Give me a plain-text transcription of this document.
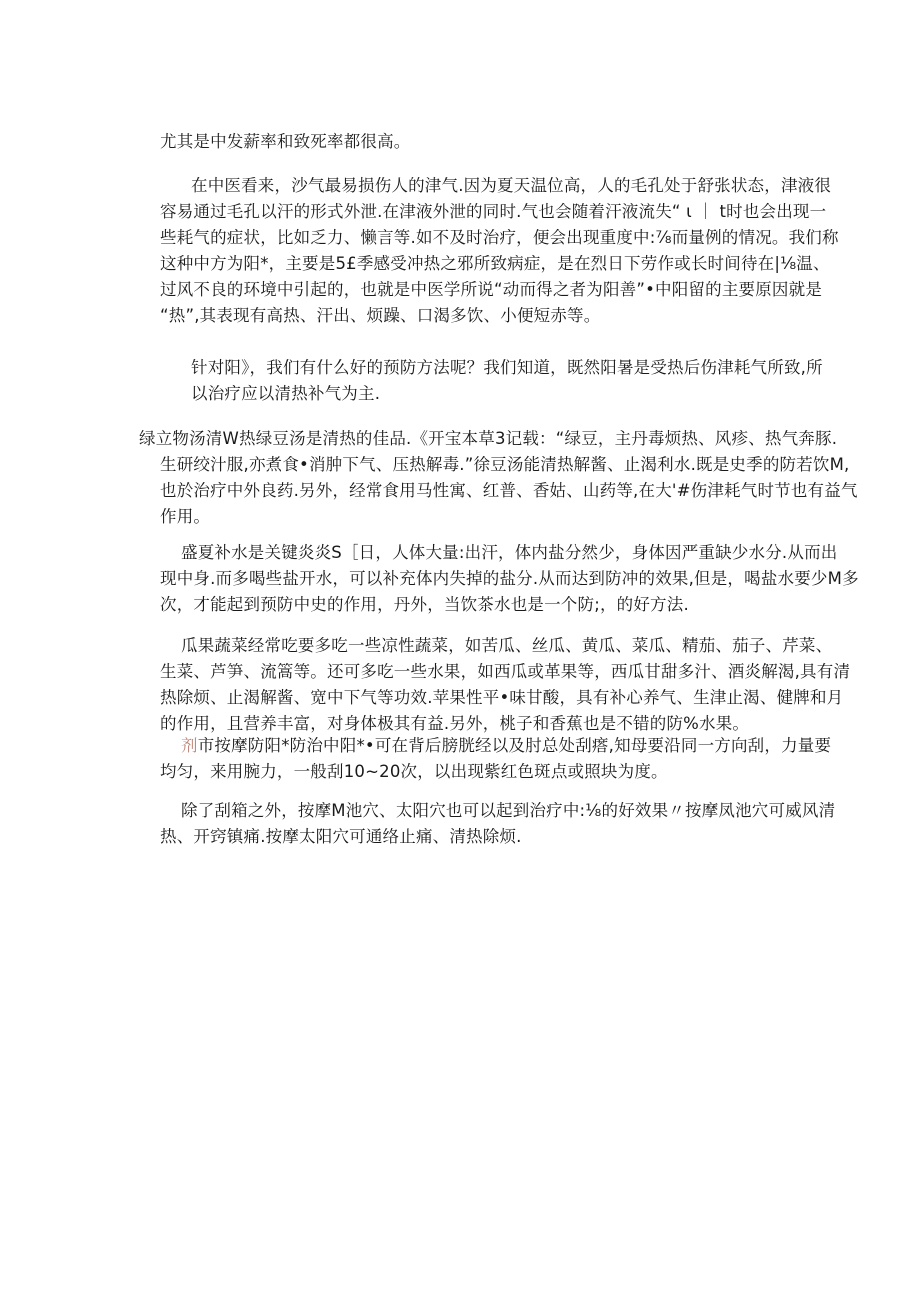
尤其是中发薪率和致死率都很高。
在中医看来，沙气最易损伤人的津气.因为夏天温位高，人的毛孔处于舒张状态，津液很
容易通过毛孔以汗的形式外泄.在津液外泄的同时.气也会随着汗液流失“ ι ｜ t时也会出现一
些耗气的症状，比如乏力、懒言等.如不及时治疗，便会出现重度中:⅞而量例的情况。我们称
这种中方为阳*，主要是5£季感受冲热之邪所致病症，是在烈日下劳作或长时间待在|⅛温、
过风不良的环境中引起的，也就是中医学所说“动而得之者为阳善”•中阳留的主要原因就是
“热”,其表现有高热、汗出、烦躁、口渴多饮、小便短赤等。
针对阳》，我们有什么好的预防方法呢？我们知道，既然阳暑是受热后伤津耗气所致,所
以治疗应以清热补气为主.
绿立物汤清W热绿豆汤是清热的佳品.《开宝本草3记载：“绿豆，主丹毒烦热、风疹、热气奔豚.
生研绞汁服,亦煮食•消肿下气、压热解毒.”徐豆汤能清热解酱、止渴利水.既是史季的防若饮M,
也於治疗中外良药.另外，经常食用马性寓、红普、香姑、山药等,在大'#伤津耗气时节也有益气
作用。
盛夏补水是关键炎炎S［日，人体大量:出汗，体内盐分然少，身体因严重缺少水分.从而出
现中身.而多喝些盐开水，可以补充体内失掉的盐分.从而达到防冲的效果,但是，喝盐水要少M多
次，才能起到预防中史的作用，丹外，当饮茶水也是一个防;，的好方法.
瓜果蔬菜经常吃要多吃一些凉性蔬菜，如苦瓜、丝瓜、黄瓜、菜瓜、精茄、茄子、芹菜、
生菜、芦笋、流篙等。还可多吃一些水果，如西瓜或革果等，西瓜甘甜多汁、酒炎解渴,具有清
热除烦、止渴解酱、宽中下气等功效.苹果性平•味甘酸，具有补心养气、生津止渴、健牌和月
的作用，且营养丰富，对身体极其有益.另外，桃子和香蕉也是不错的防%水果。
剂市按摩防阳*防治中阳*•可在背后膀胱经以及肘总处刮瘩,知母要沿同一方向刮，力量要
均匀，来用腕力，一般刮10~20次，以出现紫红色斑点或照块为度。
除了刮箱之外，按摩M池穴、太阳穴也可以起到治疗中:⅛的好效果〃按摩凤池穴可威风清
热、开窍镇痛.按摩太阳穴可通络止痛、清热除烦.
